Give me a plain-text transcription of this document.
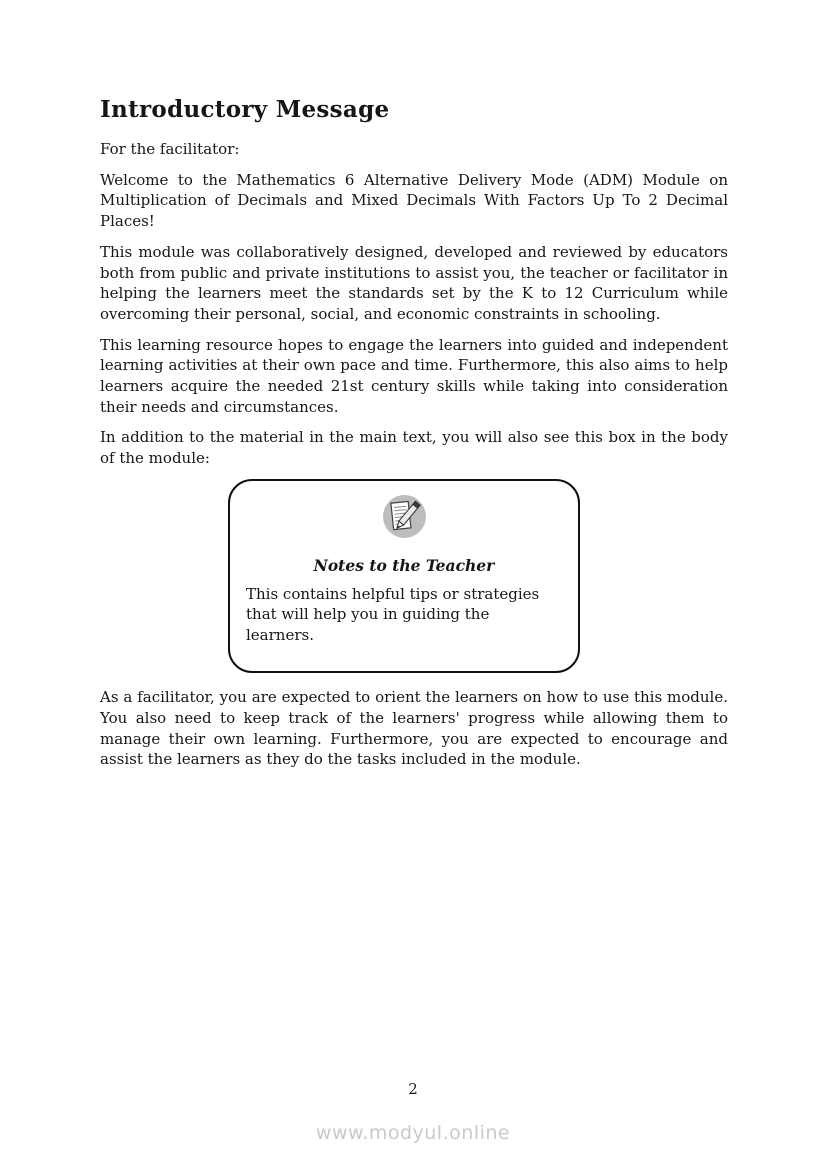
Introductory Message

For the facilitator:

Welcome to the Mathematics 6 Alternative Delivery Mode (ADM) Module on Multiplication of Decimals and Mixed Decimals With Factors Up To 2 Decimal Places!

This module was collaboratively designed, developed and reviewed by educators both from public and private institutions to assist you, the teacher or facilitator in helping the learners meet the standards set by the K to 12 Curriculum while overcoming their personal, social, and economic constraints in schooling.

This learning resource hopes to engage the learners into guided and independent learning activities at their own pace and time. Furthermore, this also aims to help learners acquire the needed 21st century skills while taking into consideration their needs and circumstances.

In addition to the material in the main text, you will also see this box in the body of the module:

Notes to the Teacher

This contains helpful tips or strategies that will help you in guiding the learners.

As a facilitator, you are expected to orient the learners on how to use this module. You also need to keep track of the learners' progress while allowing them to manage their own learning. Furthermore, you are expected to encourage and assist the learners as they do the tasks included in the module.

2
www.modyul.online
